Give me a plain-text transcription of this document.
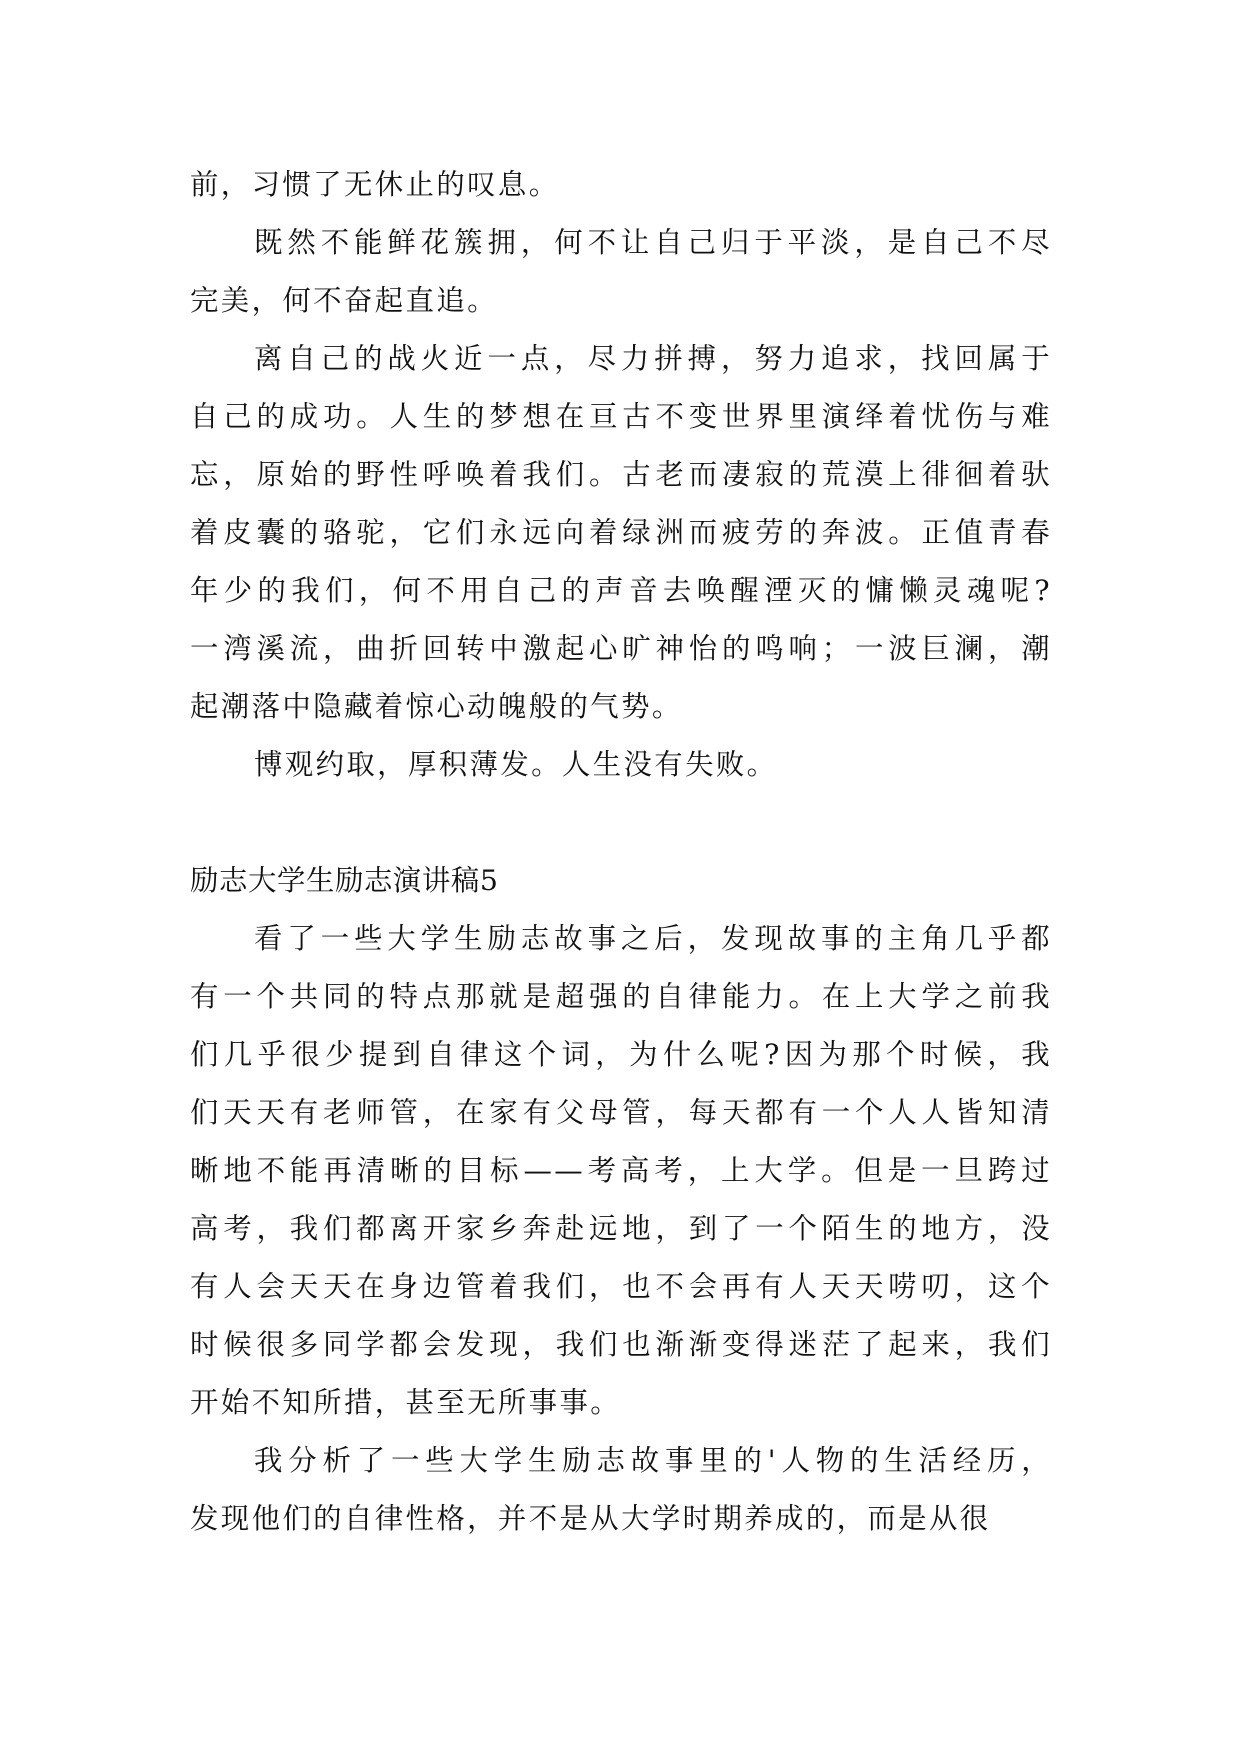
前，习惯了无休止的叹息。
既然不能鲜花簇拥，何不让自己归于平淡，是自己不尽
完美，何不奋起直追。
离自己的战火近一点，尽力拼搏，努力追求，找回属于
自己的成功。人生的梦想在亘古不变世界里演绎着忧伤与难
忘，原始的野性呼唤着我们。古老而凄寂的荒漠上徘徊着驮
着皮囊的骆驼，它们永远向着绿洲而疲劳的奔波。正值青春
年少的我们，何不用自己的声音去唤醒湮灭的慵懒灵魂呢?
一湾溪流，曲折回转中激起心旷神怡的鸣响；一波巨澜，潮
起潮落中隐藏着惊心动魄般的气势。
博观约取，厚积薄发。人生没有失败。
励志大学生励志演讲稿5
看了一些大学生励志故事之后，发现故事的主角几乎都
有一个共同的特点那就是超强的自律能力。在上大学之前我
们几乎很少提到自律这个词，为什么呢?因为那个时候，我
们天天有老师管，在家有父母管，每天都有一个人人皆知清
晰地不能再清晰的目标——考高考，上大学。但是一旦跨过
高考，我们都离开家乡奔赴远地，到了一个陌生的地方，没
有人会天天在身边管着我们，也不会再有人天天唠叨，这个
时候很多同学都会发现，我们也渐渐变得迷茫了起来，我们
开始不知所措，甚至无所事事。
我分析了一些大学生励志故事里的'人物的生活经历，
发现他们的自律性格，并不是从大学时期养成的，而是从很
